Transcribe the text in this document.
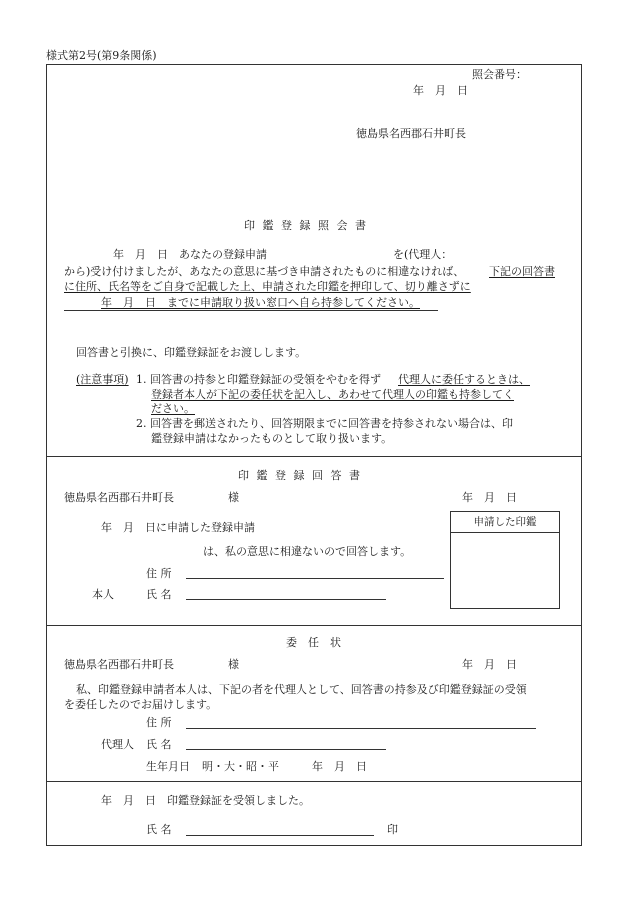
様式第2号(第9条関係)
照会番号：
年　月　日
徳島県名西郡石井町長
印 鑑 登 録 照 会 書
年　月　日　あなたの登録申請	を(代理人：
から)受け付けましたが、あなたの意思に基づき申請されたものに相違なければ、 下記の回答書
に住所、氏名等をご自身で記載した上、申請された印鑑を押印して、切り離さずに
年　月　日　までに申請取り扱い窓口へ自ら持参してください。
回答書と引換に、印鑑登録証をお渡しします。
(注意事項) 1. 回答書の持参と印鑑登録証の受領をやむを得ず 代理人に委任するときは、
登録者本人が下記の委任状を記入し、あわせて代理人の印鑑も持参してく
ださい。
2. 回答書を郵送されたり、回答期限までに回答書を持参されない場合は、印
鑑登録申請はなかったものとして取り扱います。
印 鑑 登 録 回 答 書
徳島県名西郡石井町長	様	年　月　日
年　月　日に申請した登録申請
は、私の意思に相違ないので回答します。
住 所
本人	氏 名
申請した印鑑
委　任　状
徳島県名西郡石井町長	様	年　月　日
私、印鑑登録申請者本人は、下記の者を代理人として、回答書の持参及び印鑑登録証の受領
を委任したのでお届けします。
住 所
代理人 氏 名
生年月日 明・大・昭・平	年　月　日
年　月　日　印鑑登録証を受領しました。
氏 名	印
